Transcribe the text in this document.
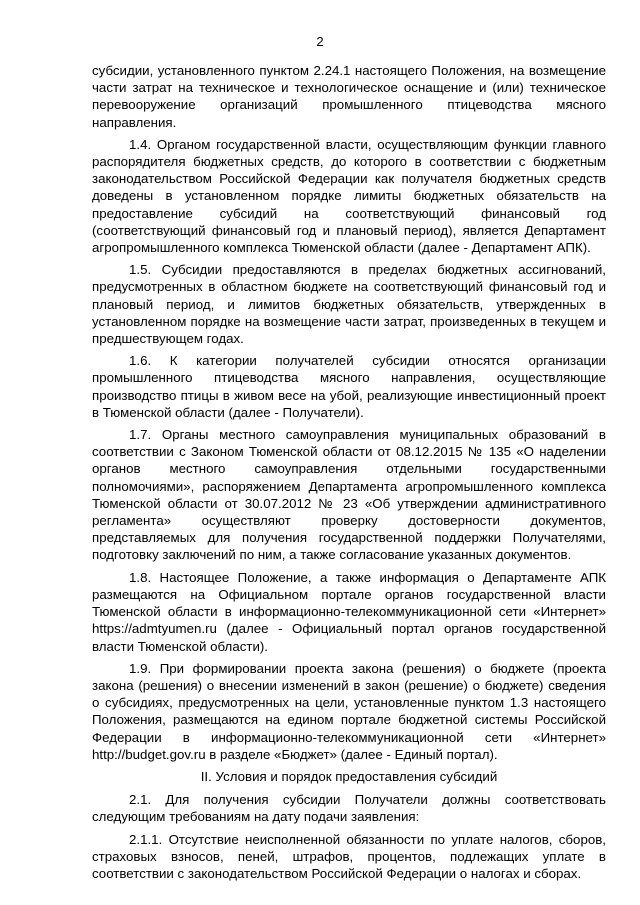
2

субсидии, установленного пунктом 2.24.1 настоящего Положения, на возмещение части затрат на техническое и технологическое оснащение и (или) техническое перевооружение организаций промышленного птицеводства мясного направления.

1.4. Органом государственной власти, осуществляющим функции главного распорядителя бюджетных средств, до которого в соответствии с бюджетным законодательством Российской Федерации как получателя бюджетных средств доведены в установленном порядке лимиты бюджетных обязательств на предоставление субсидий на соответствующий финансовый год (соответствующий финансовый год и плановый период), является Департамент агропромышленного комплекса Тюменской области (далее - Департамент АПК).

1.5. Субсидии предоставляются в пределах бюджетных ассигнований, предусмотренных в областном бюджете на соответствующий финансовый год и плановый период, и лимитов бюджетных обязательств, утвержденных в установленном порядке на возмещение части затрат, произведенных в текущем и предшествующем годах.

1.6. К категории получателей субсидии относятся организации промышленного птицеводства мясного направления, осуществляющие производство птицы в живом весе на убой, реализующие инвестиционный проект в Тюменской области (далее - Получатели).

1.7. Органы местного самоуправления муниципальных образований в соответствии с Законом Тюменской области от 08.12.2015 № 135 «О наделении органов местного самоуправления отдельными государственными полномочиями», распоряжением Департамента агропромышленного комплекса Тюменской области от 30.07.2012 № 23 «Об утверждении административного регламента» осуществляют проверку достоверности документов, представляемых для получения государственной поддержки Получателями, подготовку заключений по ним, а также согласование указанных документов.

1.8. Настоящее Положение, а также информация о Департаменте АПК размещаются на Официальном портале органов государственной власти Тюменской области в информационно-телекоммуникационной сети «Интернет» https://admtyumen.ru (далее - Официальный портал органов государственной власти Тюменской области).

1.9. При формировании проекта закона (решения) о бюджете (проекта закона (решения) о внесении изменений в закон (решение) о бюджете) сведения о субсидиях, предусмотренных на цели, установленные пунктом 1.3 настоящего Положения, размещаются на едином портале бюджетной системы Российской Федерации в информационно-телекоммуникационной сети «Интернет» http://budget.gov.ru в разделе «Бюджет» (далее - Единый портал).

II. Условия и порядок предоставления субсидий

2.1. Для получения субсидии Получатели должны соответствовать следующим требованиям на дату подачи заявления:

2.1.1. Отсутствие неисполненной обязанности по уплате налогов, сборов, страховых взносов, пеней, штрафов, процентов, подлежащих уплате в соответствии с законодательством Российской Федерации о налогах и сборах.
